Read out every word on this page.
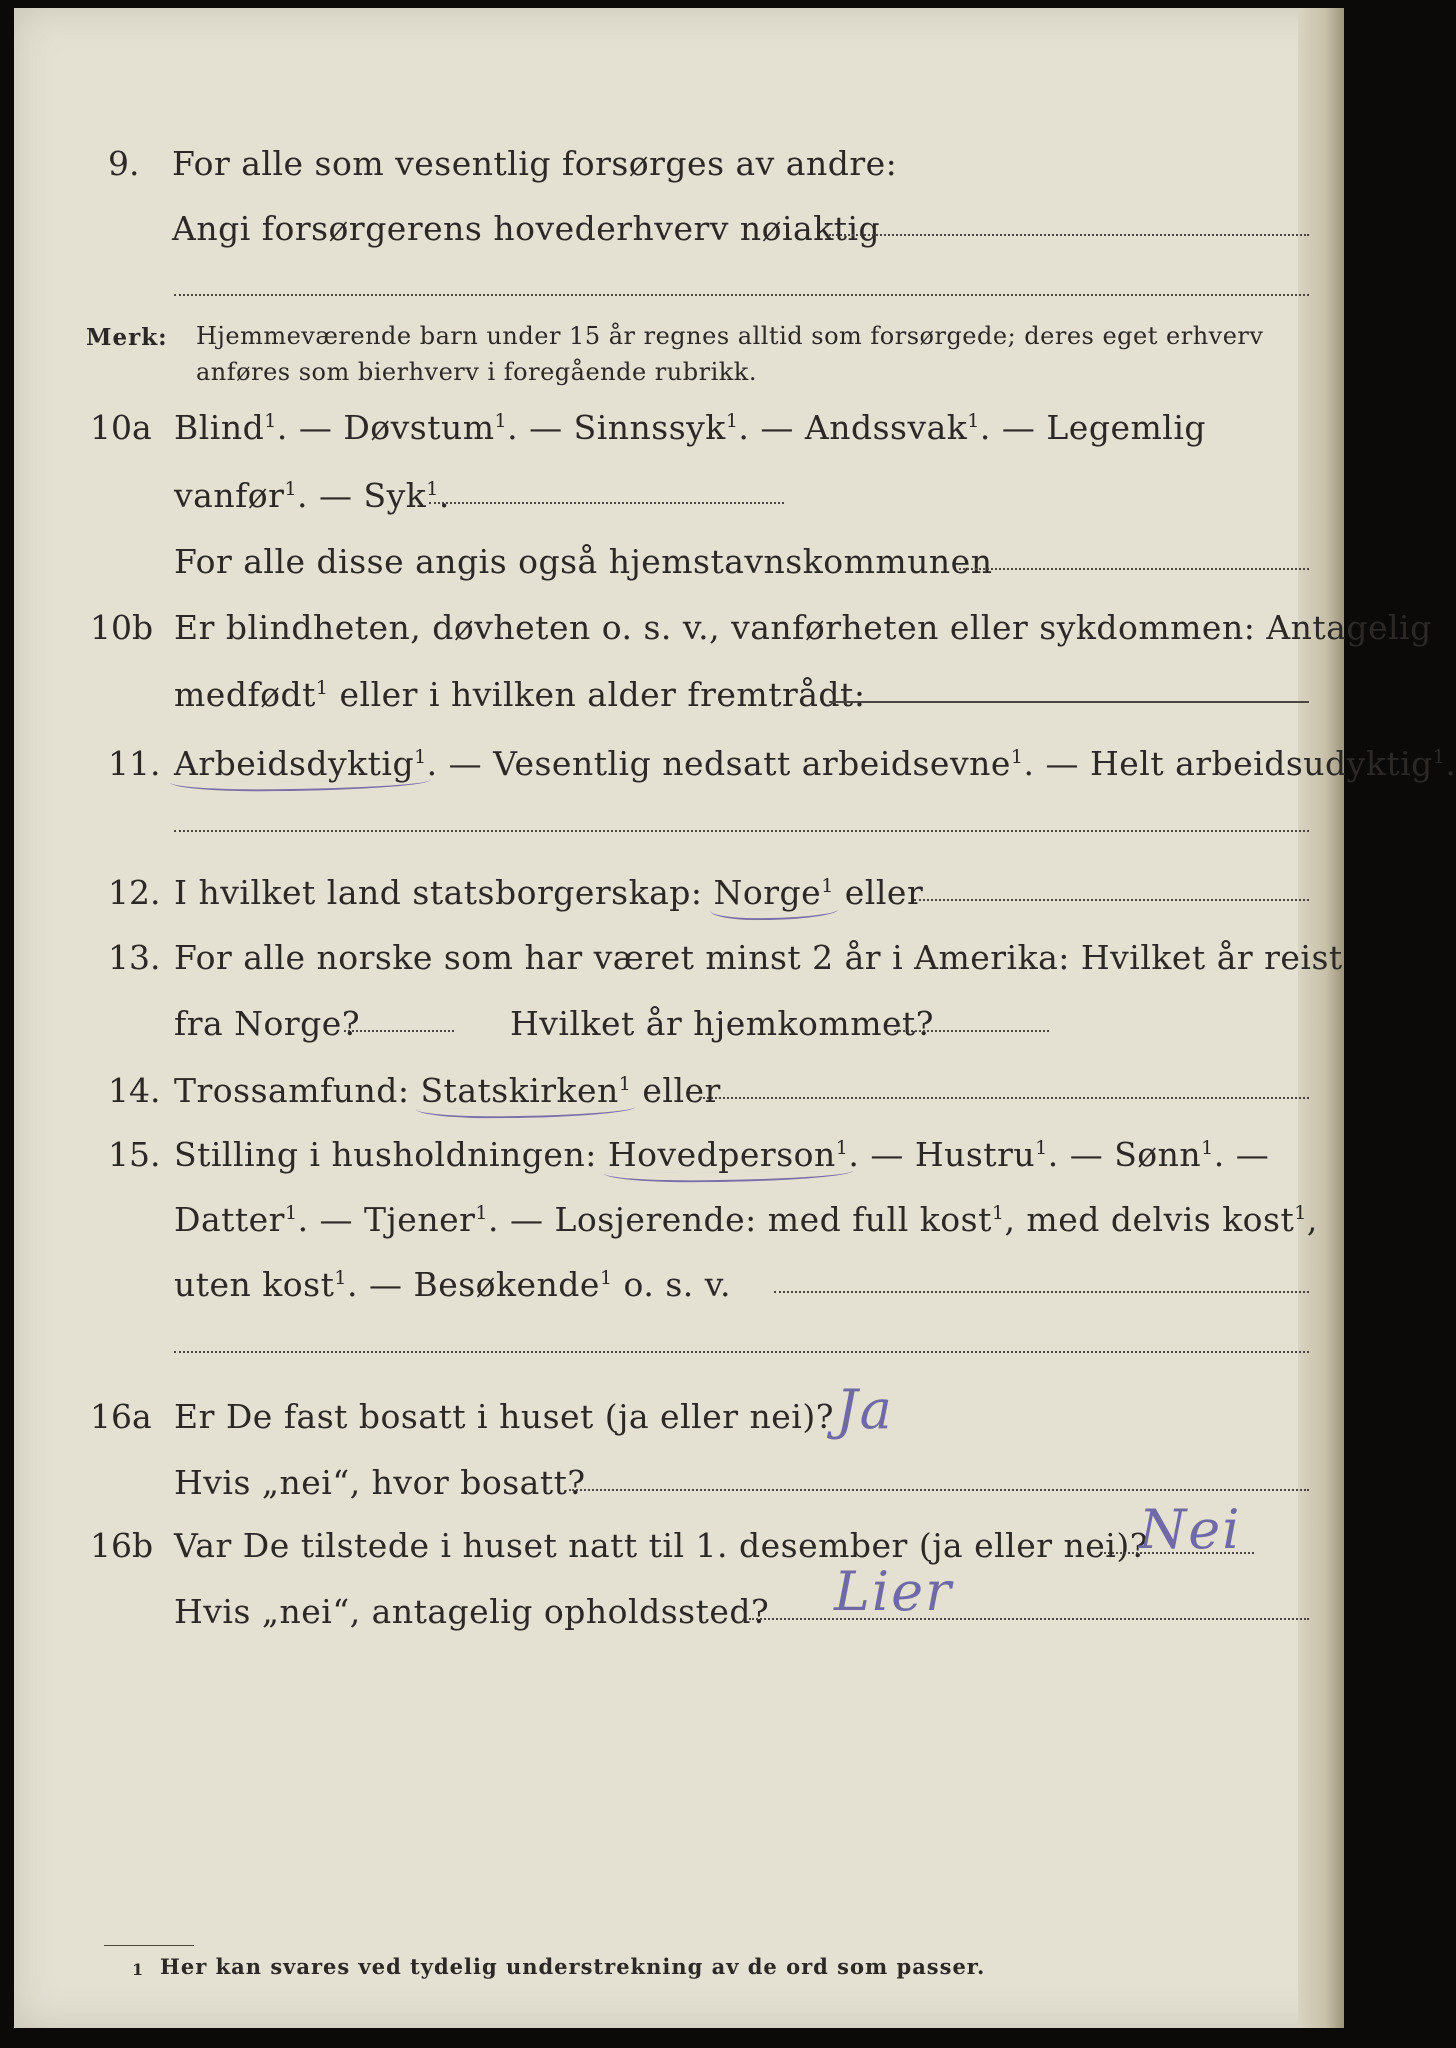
9. For alle som vesentlig forsørges av andre:
Angi forsørgerens hovederhverv nøiaktig
Merk: Hjemmeværende barn under 15 år regnes alltid som forsørgede; deres eget erhverv
anføres som bierhverv i foregående rubrikk.
10a Blind$^1$. — Døvstum$^1$. — Sinnssyk$^1$. — Andssvak$^1$. — Legemlig
vanfør$^1$. — Syk$^1$.
For alle disse angis også hjemstavnskommunen
10b Er blindheten, døvheten o. s. v., vanførheten eller sykdommen: Antagelig
medfødt$^1$ eller i hvilken alder fremtrådt:
11. Arbeidsdyktig$^1$. — Vesentlig nedsatt arbeidsevne$^1$. — Helt arbeidsudyktig$^1$.
12. I hvilket land statsborgerskap: Norge$^1$ eller
13. For alle norske som har været minst 2 år i Amerika: Hvilket år reist
fra Norge?	Hvilket år hjemkommet?
14. Trossamfund: Statskirken$^1$ eller
15. Stilling i husholdningen: Hovedperson$^1$. — Hustru$^1$. — Sønn$^1$. —
Datter$^1$. — Tjener$^1$. — Losjerende: med full kost$^1$, med delvis kost$^1$,
uten kost$^1$. — Besøkende$^1$ o. s. v.
16a Er De fast bosatt i huset (ja eller nei)? Ja
Hvis „nei“, hvor bosatt?
16b Var De tilstede i huset natt til 1. desember (ja eller nei)?
Nei
Hvis „nei“, antagelig opholdssted? Lier
1 Her kan svares ved tydelig understrekning av de ord som passer.
